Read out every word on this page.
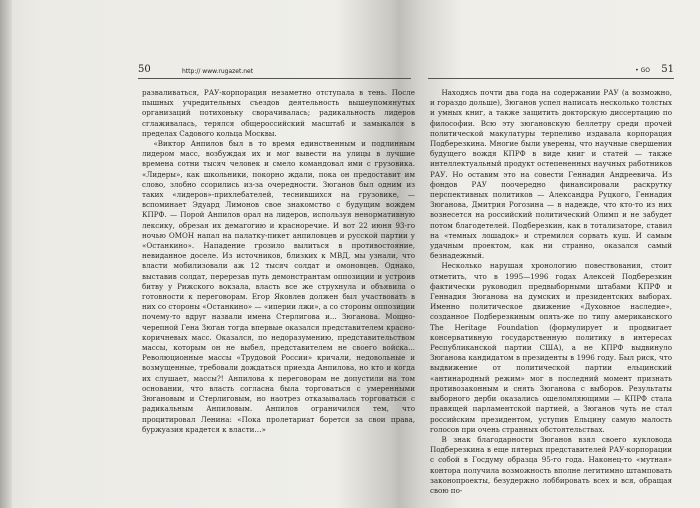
50	http:// www.rugazet.net

разваливаться, РАУ-корпорация незаметно отступала в тень. После пышных учредительных съездов деятельность вышеупомянутых организаций потихоньку сворачивалась; радикальность лидеров сглаживалась, терялся общероссийский масштаб и замыкался в пределах Садового кольца Москвы.

«Виктор Анпилов был в то время единственным и подлинным лидером масс, возбуждая их и мог вывести на улицы в лучшие времена сотни тысяч человек и смело командовал ими с грузовика. «Лидеры», как школьники, покорно ждали, пока он предоставит им слово, злобно ссорились из-за очередности. Зюганов был одним из таких «лидеров»-прихлебателей, теснившихся на грузовике, — вспоминает Эдуард Лимонов свое знакомство с будущим вождем КПРФ. — Порой Анпилов орал на лидеров, используя ненормативную лексику, обрезая их демагогию и красноречие. И вот 22 июня 93-го ночью ОМОН напал на палатку-пикет анпиловцев и русской партии у «Останкино». Нападение грозило вылиться в противостояние, невиданное доселе. Из источников, близких к МВД, мы узнали, что власти мобилизовали аж 12 тысяч солдат и омоновцев. Однако, выставив солдат, перерезав путь демонстрантам оппозиции и устроив битву у Рижского вокзала, власть все же струхнула и объявила о готовности к переговорам. Егор Яковлев должен был участвовать в них со стороны «Останкино» — «иперии лжи», а со стороны оппозиции почему-то вдруг назвали имена Стерлигова и... Зюганова. Мощно-черепной Гена Зюган тогда впервые оказался представителем красно-коричневых масс. Оказался, по недоразумению, представительством массы, которым он не выбел, представителем не своего войска... Революционные массы «Трудовой России» кричали, недовольные и возмущенные, требовали дождаться приезда Анпилова, но кто и когда их слушает, массы?! Анпилова к переговорам не допустили на том основании, что власть согласна была торговаться с умеренными Зюгановым и Стерлиговым, но наотрез отказывалась торговаться с радикальным Анпиловым. Анпилов ограничился тем, что процитировал Ленина: «Пока пролетариат борется за свои права, буржуазия крадется к власти…»

• GO 51

Находясь почти два года на содержании РАУ (а возможно, и гораздо дольше), Зюганов успел написать несколько толстых и умных книг, а также защитить докторскую диссертацию по философии. Всю эту зюгановскую беллетру среди прочей политической макулатуры терпеливо издавала корпорация Подберезкина. Многие были уверены, что научные свершения будущего вождя КПРФ в виде книг и статей — также интеллектуальный продукт остепененных научных работников РАУ. Но оставим это на совести Геннадия Андреевича. Из фондов РАУ поочередно финансировали раскрутку перспективных политиков — Александра Руцкого, Геннадия Зюганова, Дмитрия Рогозина — в надежде, что кто-то из них вознесется на российский политический Олимп и не забудет потом благодетелей. Подберезкин, как в тотализаторе, ставил на «темных лошадок» и стремился сорвать куш. И самым удачным проектом, как ни странно, оказался самый безнадежный.

Несколько нарушая хронологию повествования, стоит отметить, что в 1995—1996 годах Алексей Подберезкин фактически руководил предвыборными штабами КПРФ и Геннадия Зюганова на думских и президентских выборах. Именно политическое движение «Духовное наследие», созданное Подберезкиным опять-же по типу американского The Heritage Foundation (формулирует и продвигает консервативную государственную политику в интересах Республиканской партии США), а не КПРФ выдвинуло Зюганова кандидатом в президенты в 1996 году. Был риск, что выдвижение от политической партии ельцинский «антинародный режим» мог в последний момент признать противозаконным и снять Зюганова с выборов. Результаты выборного дерби оказались ошеломляющими — КПРФ стала правящей парламентской партией, а Зюганов чуть не стал российским президентом, уступив Ельцину самую малость голосов при очень странных обстоятельствах.

В знак благодарности Зюганов взял своего кукловода Подберезкина в еще пятерых представителей РАУ-корпорации с собой в Госдуму образца 95-го года. Наконец-то «мутная» контора получила возможность вполне легитимно штамповать законопроекты, безудержно лоббировать всех и вся, обращая свою по-
